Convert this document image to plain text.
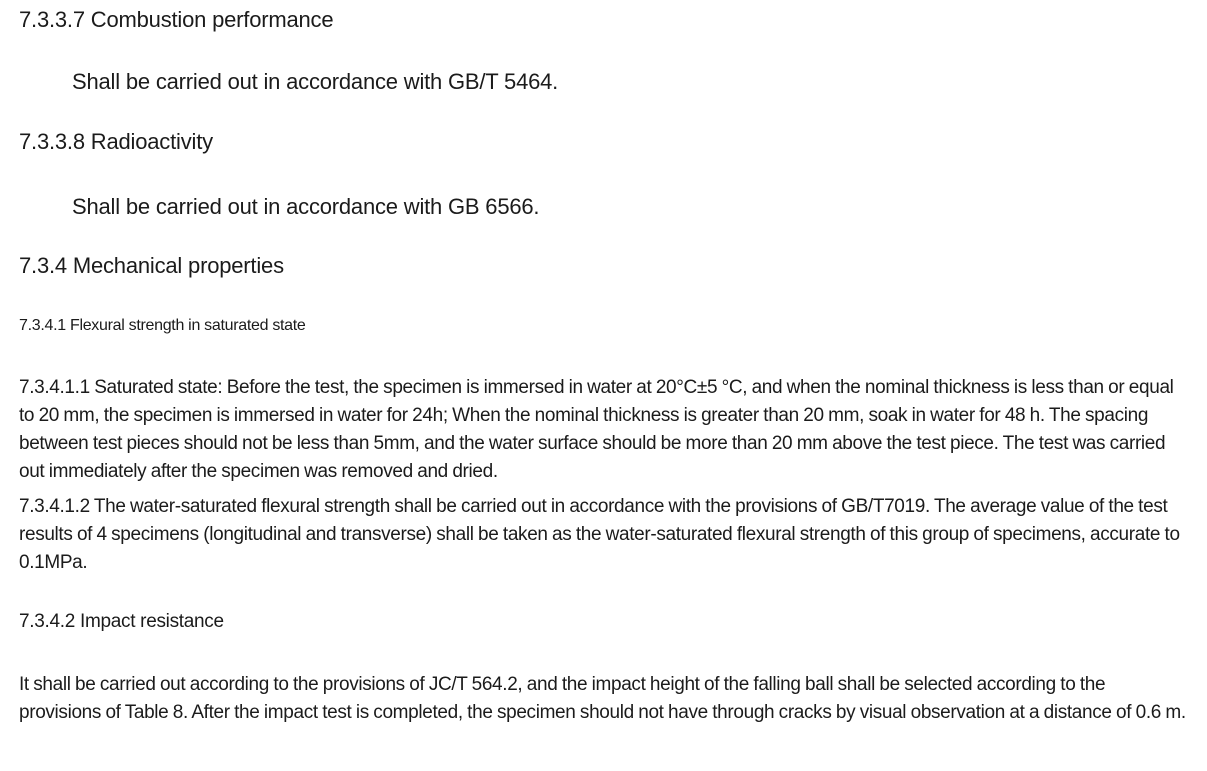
7.3.3.7 Combustion performance

Shall be carried out in accordance with GB/T 5464.

7.3.3.8 Radioactivity

Shall be carried out in accordance with GB 6566.

7.3.4 Mechanical properties
7.3.4.1 Flexural strength in saturated state

7.3.4.1.1 Saturated state: Before the test, the specimen is immersed in water at 20°C±5 °C, and when the nominal thickness is less than or equal to 20 mm, the specimen is immersed in water for 24h; When the nominal thickness is greater than 20 mm, soak in water for 48 h. The spacing between test pieces should not be less than 5mm, and the water surface should be more than 20 mm above the test piece. The test was carried out immediately after the specimen was removed and dried.

7.3.4.1.2 The water-saturated flexural strength shall be carried out in accordance with the provisions of GB/T7019. The average value of the test results of 4 specimens (longitudinal and transverse) shall be taken as the water-saturated flexural strength of this group of specimens, accurate to 0.1MPa.

7.3.4.2 Impact resistance

It shall be carried out according to the provisions of JC/T 564.2, and the impact height of the falling ball shall be selected according to the provisions of Table 8. After the impact test is completed, the specimen should not have through cracks by visual observation at a distance of 0.6 m.
